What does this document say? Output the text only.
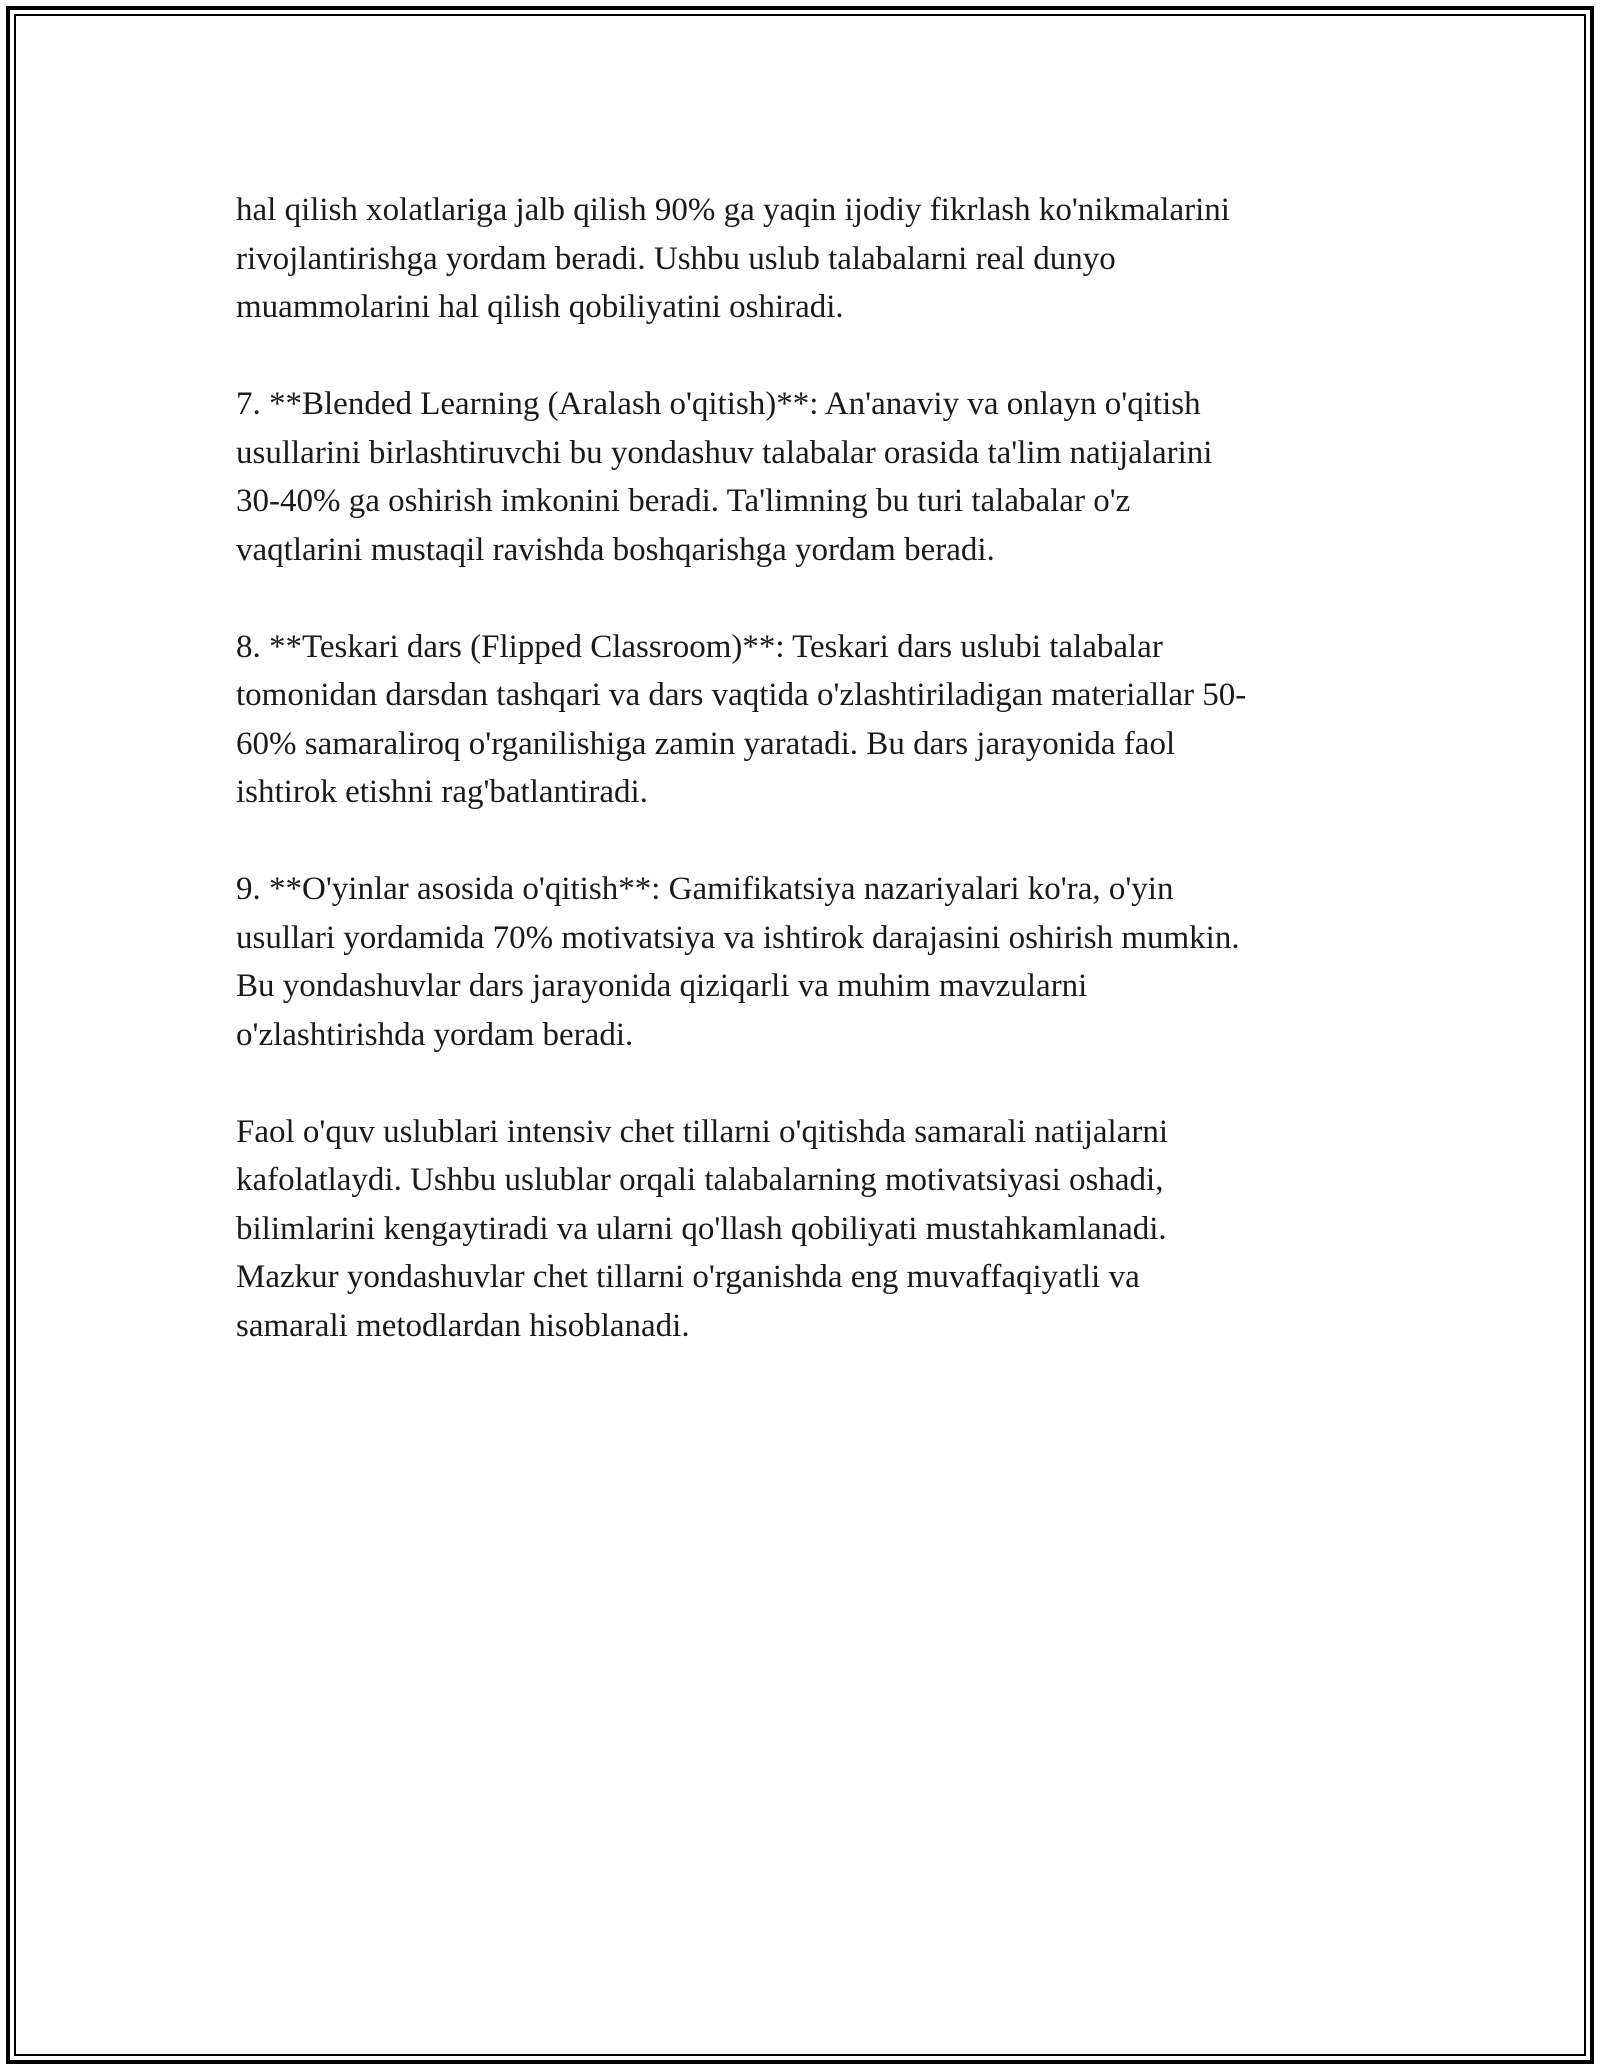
hal qilish xolatlariga jalb qilish 90% ga yaqin ijodiy fikrlash ko'nikmalarini
rivojlantirishga yordam beradi. Ushbu uslub talabalarni real dunyo
muammolarini hal qilish qobiliyatini oshiradi.

7. **Blended Learning (Aralash o'qitish)**: An'anaviy va onlayn o'qitish
usullarini birlashtiruvchi bu yondashuv talabalar orasida ta'lim natijalarini
30-40% ga oshirish imkonini beradi. Ta'limning bu turi talabalar o'z
vaqtlarini mustaqil ravishda boshqarishga yordam beradi.

8. **Teskari dars (Flipped Classroom)**: Teskari dars uslubi talabalar
tomonidan darsdan tashqari va dars vaqtida o'zlashtiriladigan materiallar 50-
60% samaraliroq o'rganilishiga zamin yaratadi. Bu dars jarayonida faol
ishtirok etishni rag'batlantiradi.

9. **O'yinlar asosida o'qitish**: Gamifikatsiya nazariyalari ko'ra, o'yin
usullari yordamida 70% motivatsiya va ishtirok darajasini oshirish mumkin.
Bu yondashuvlar dars jarayonida qiziqarli va muhim mavzularni
o'zlashtirishda yordam beradi.

Faol o'quv uslublari intensiv chet tillarni o'qitishda samarali natijalarni
kafolatlaydi. Ushbu uslublar orqali talabalarning motivatsiyasi oshadi,
bilimlarini kengaytiradi va ularni qo'llash qobiliyati mustahkamlanadi.
Mazkur yondashuvlar chet tillarni o'rganishda eng muvaffaqiyatli va
samarali metodlardan hisoblanadi.
